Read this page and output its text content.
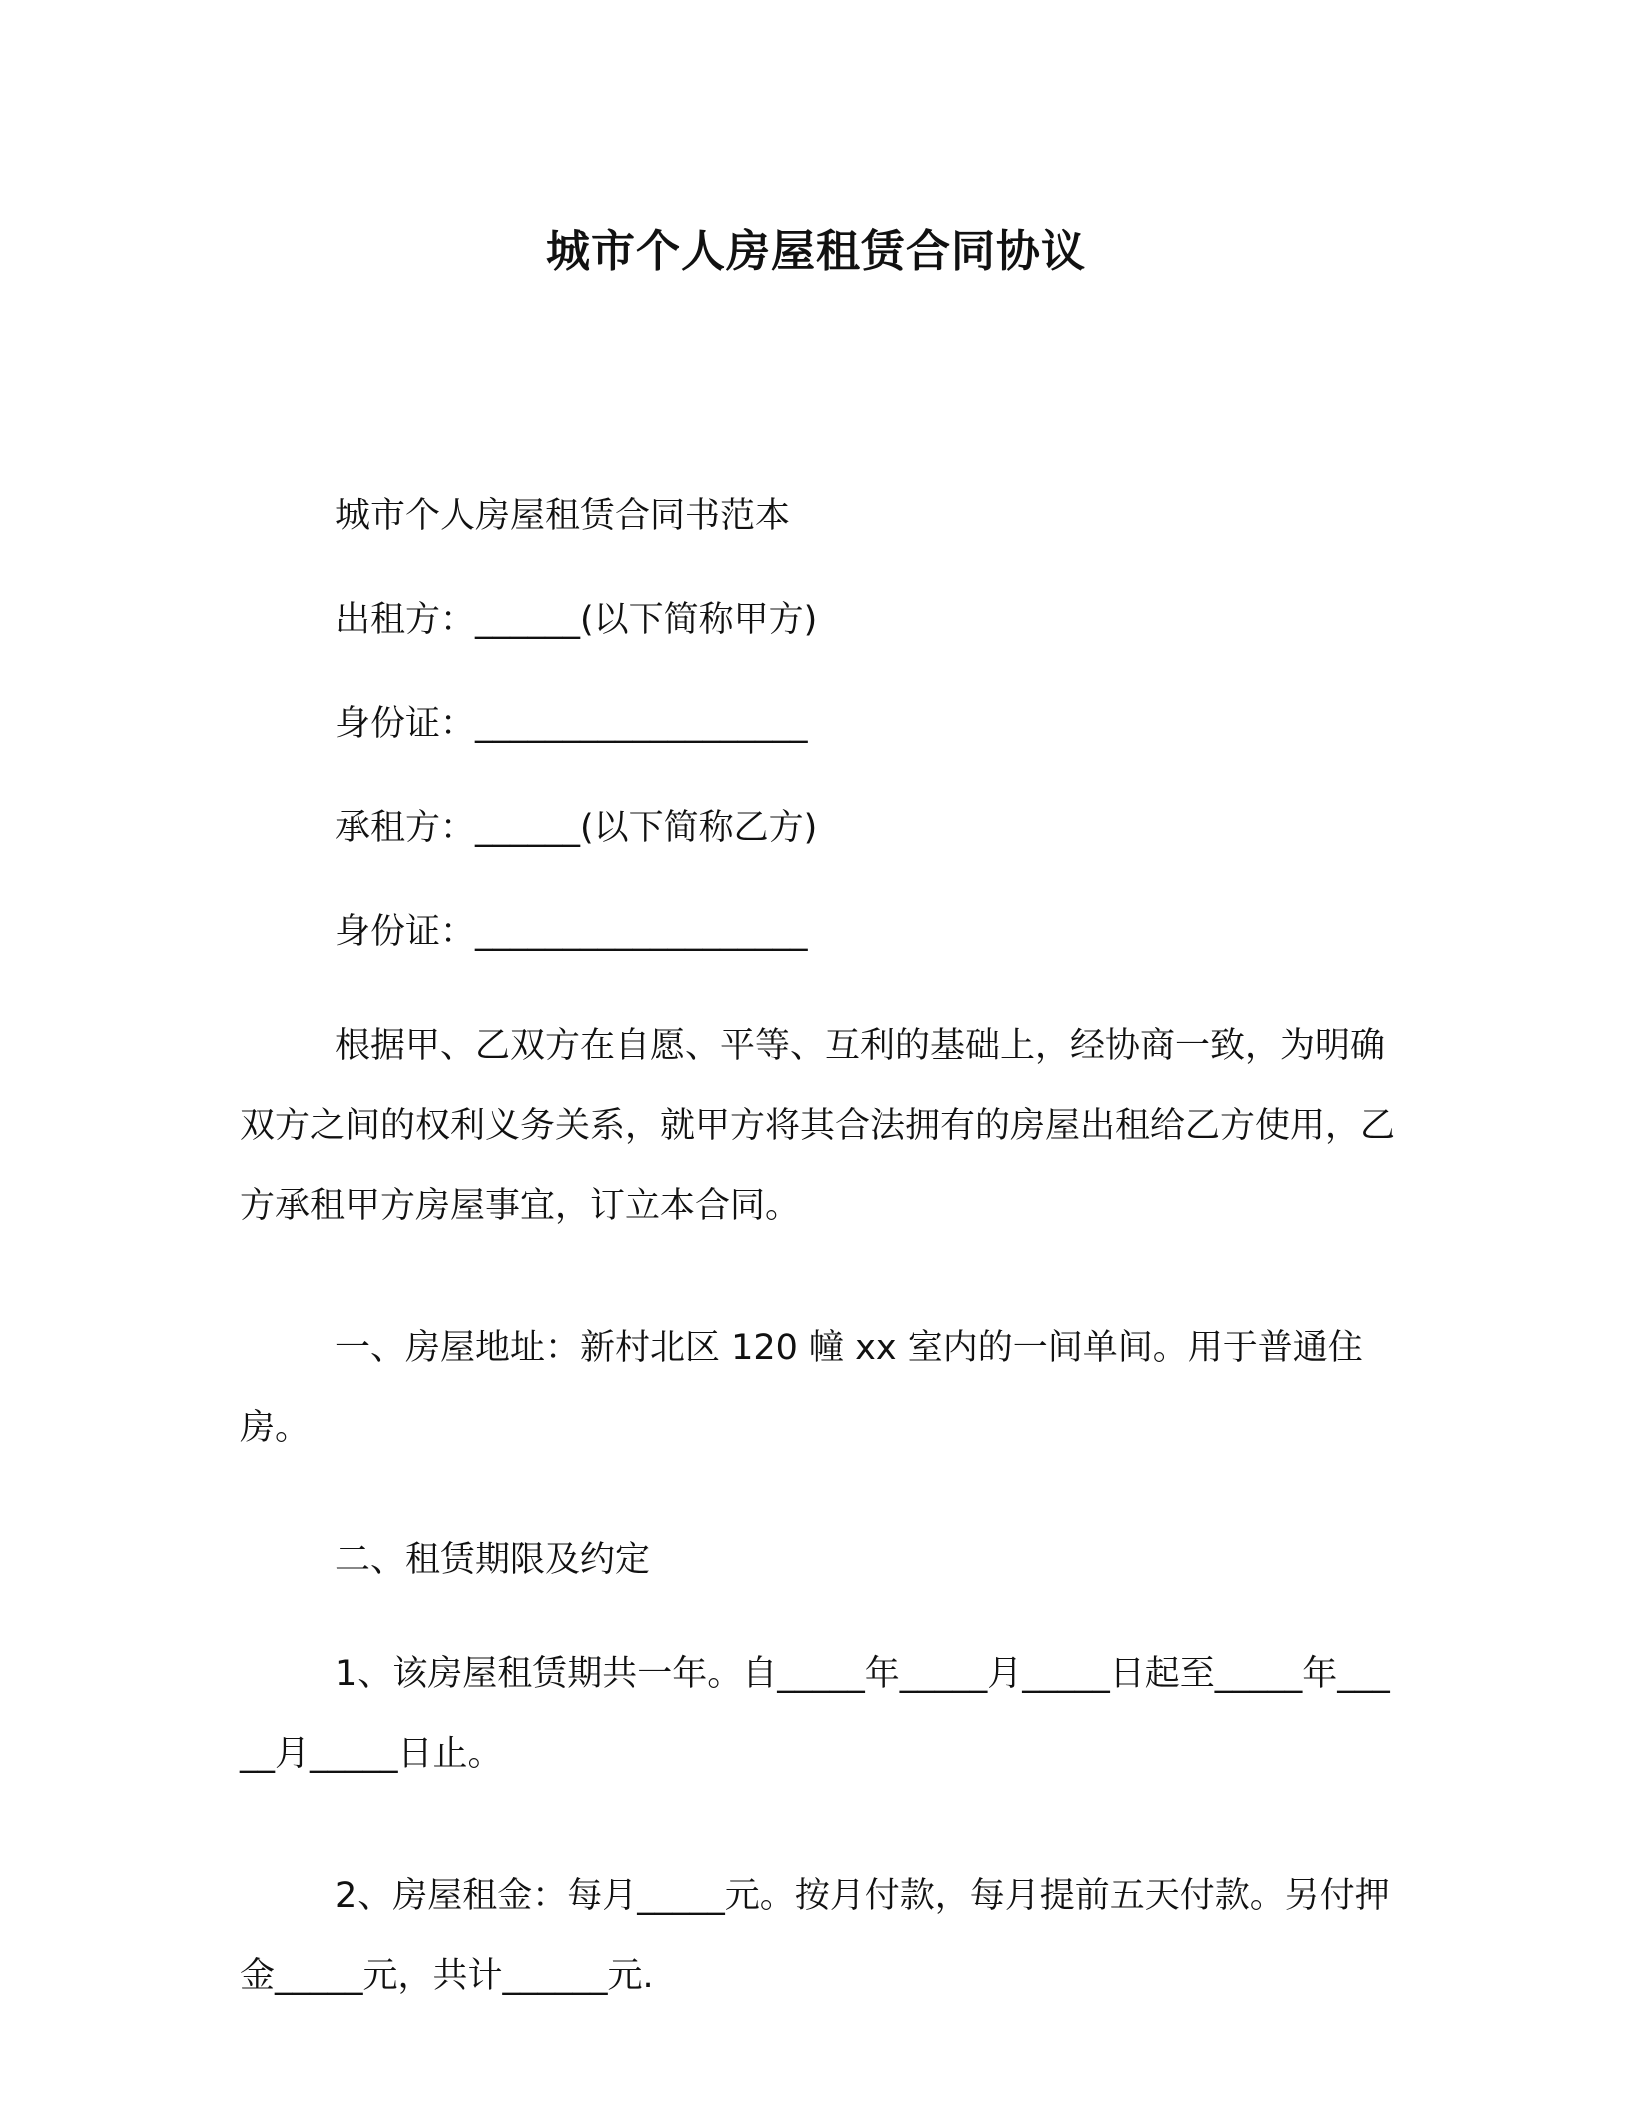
城市个人房屋租赁合同协议

城市个人房屋租赁合同书范本

出租方：______(以下简称甲方)

身份证：___________________

承租方：______(以下简称乙方)

身份证：___________________

根据甲、乙双方在自愿、平等、互利的基础上，经协商一致，为明确双方之间的权利义务关系，就甲方将其合法拥有的房屋出租给乙方使用，乙方承租甲方房屋事宜，订立本合同。

一、房屋地址：新村北区 120 幢 xx 室内的一间单间。用于普通住房。

二、租赁期限及约定

1、该房屋租赁期共一年。自_____年_____月_____日起至_____年_____月_____日止。

2、房屋租金：每月_____元。按月付款，每月提前五天付款。另付押金_____元，共计______元.
